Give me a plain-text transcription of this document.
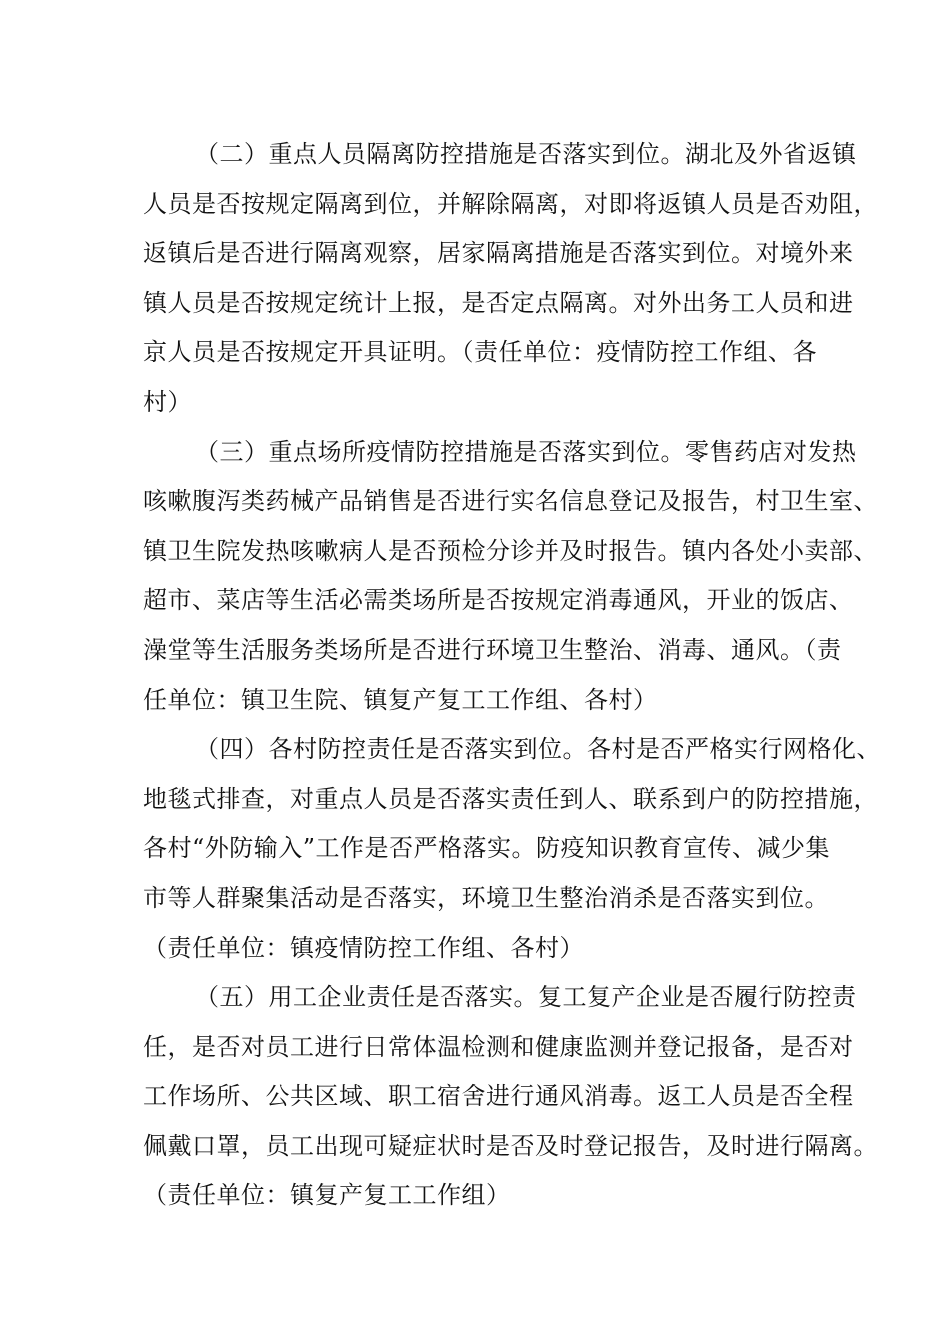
（二）重点人员隔离防控措施是否落实到位。湖北及外省返镇
人员是否按规定隔离到位，并解除隔离，对即将返镇人员是否劝阻，
返镇后是否进行隔离观察，居家隔离措施是否落实到位。对境外来
镇人员是否按规定统计上报，是否定点隔离。对外出务工人员和进
京人员是否按规定开具证明。（责任单位：疫情防控工作组、各
村）
（三）重点场所疫情防控措施是否落实到位。零售药店对发热
咳嗽腹泻类药械产品销售是否进行实名信息登记及报告，村卫生室、
镇卫生院发热咳嗽病人是否预检分诊并及时报告。镇内各处小卖部、
超市、菜店等生活必需类场所是否按规定消毒通风，开业的饭店、
澡堂等生活服务类场所是否进行环境卫生整治、消毒、通风。（责
任单位：镇卫生院、镇复产复工工作组、各村）
（四）各村防控责任是否落实到位。各村是否严格实行网格化、
地毯式排查，对重点人员是否落实责任到人、联系到户的防控措施，
各村“外防输入”工作是否严格落实。防疫知识教育宣传、减少集
市等人群聚集活动是否落实，环境卫生整治消杀是否落实到位。
（责任单位：镇疫情防控工作组、各村）
（五）用工企业责任是否落实。复工复产企业是否履行防控责
任，是否对员工进行日常体温检测和健康监测并登记报备，是否对
工作场所、公共区域、职工宿舍进行通风消毒。返工人员是否全程
佩戴口罩，员工出现可疑症状时是否及时登记报告，及时进行隔离。
（责任单位：镇复产复工工作组）
